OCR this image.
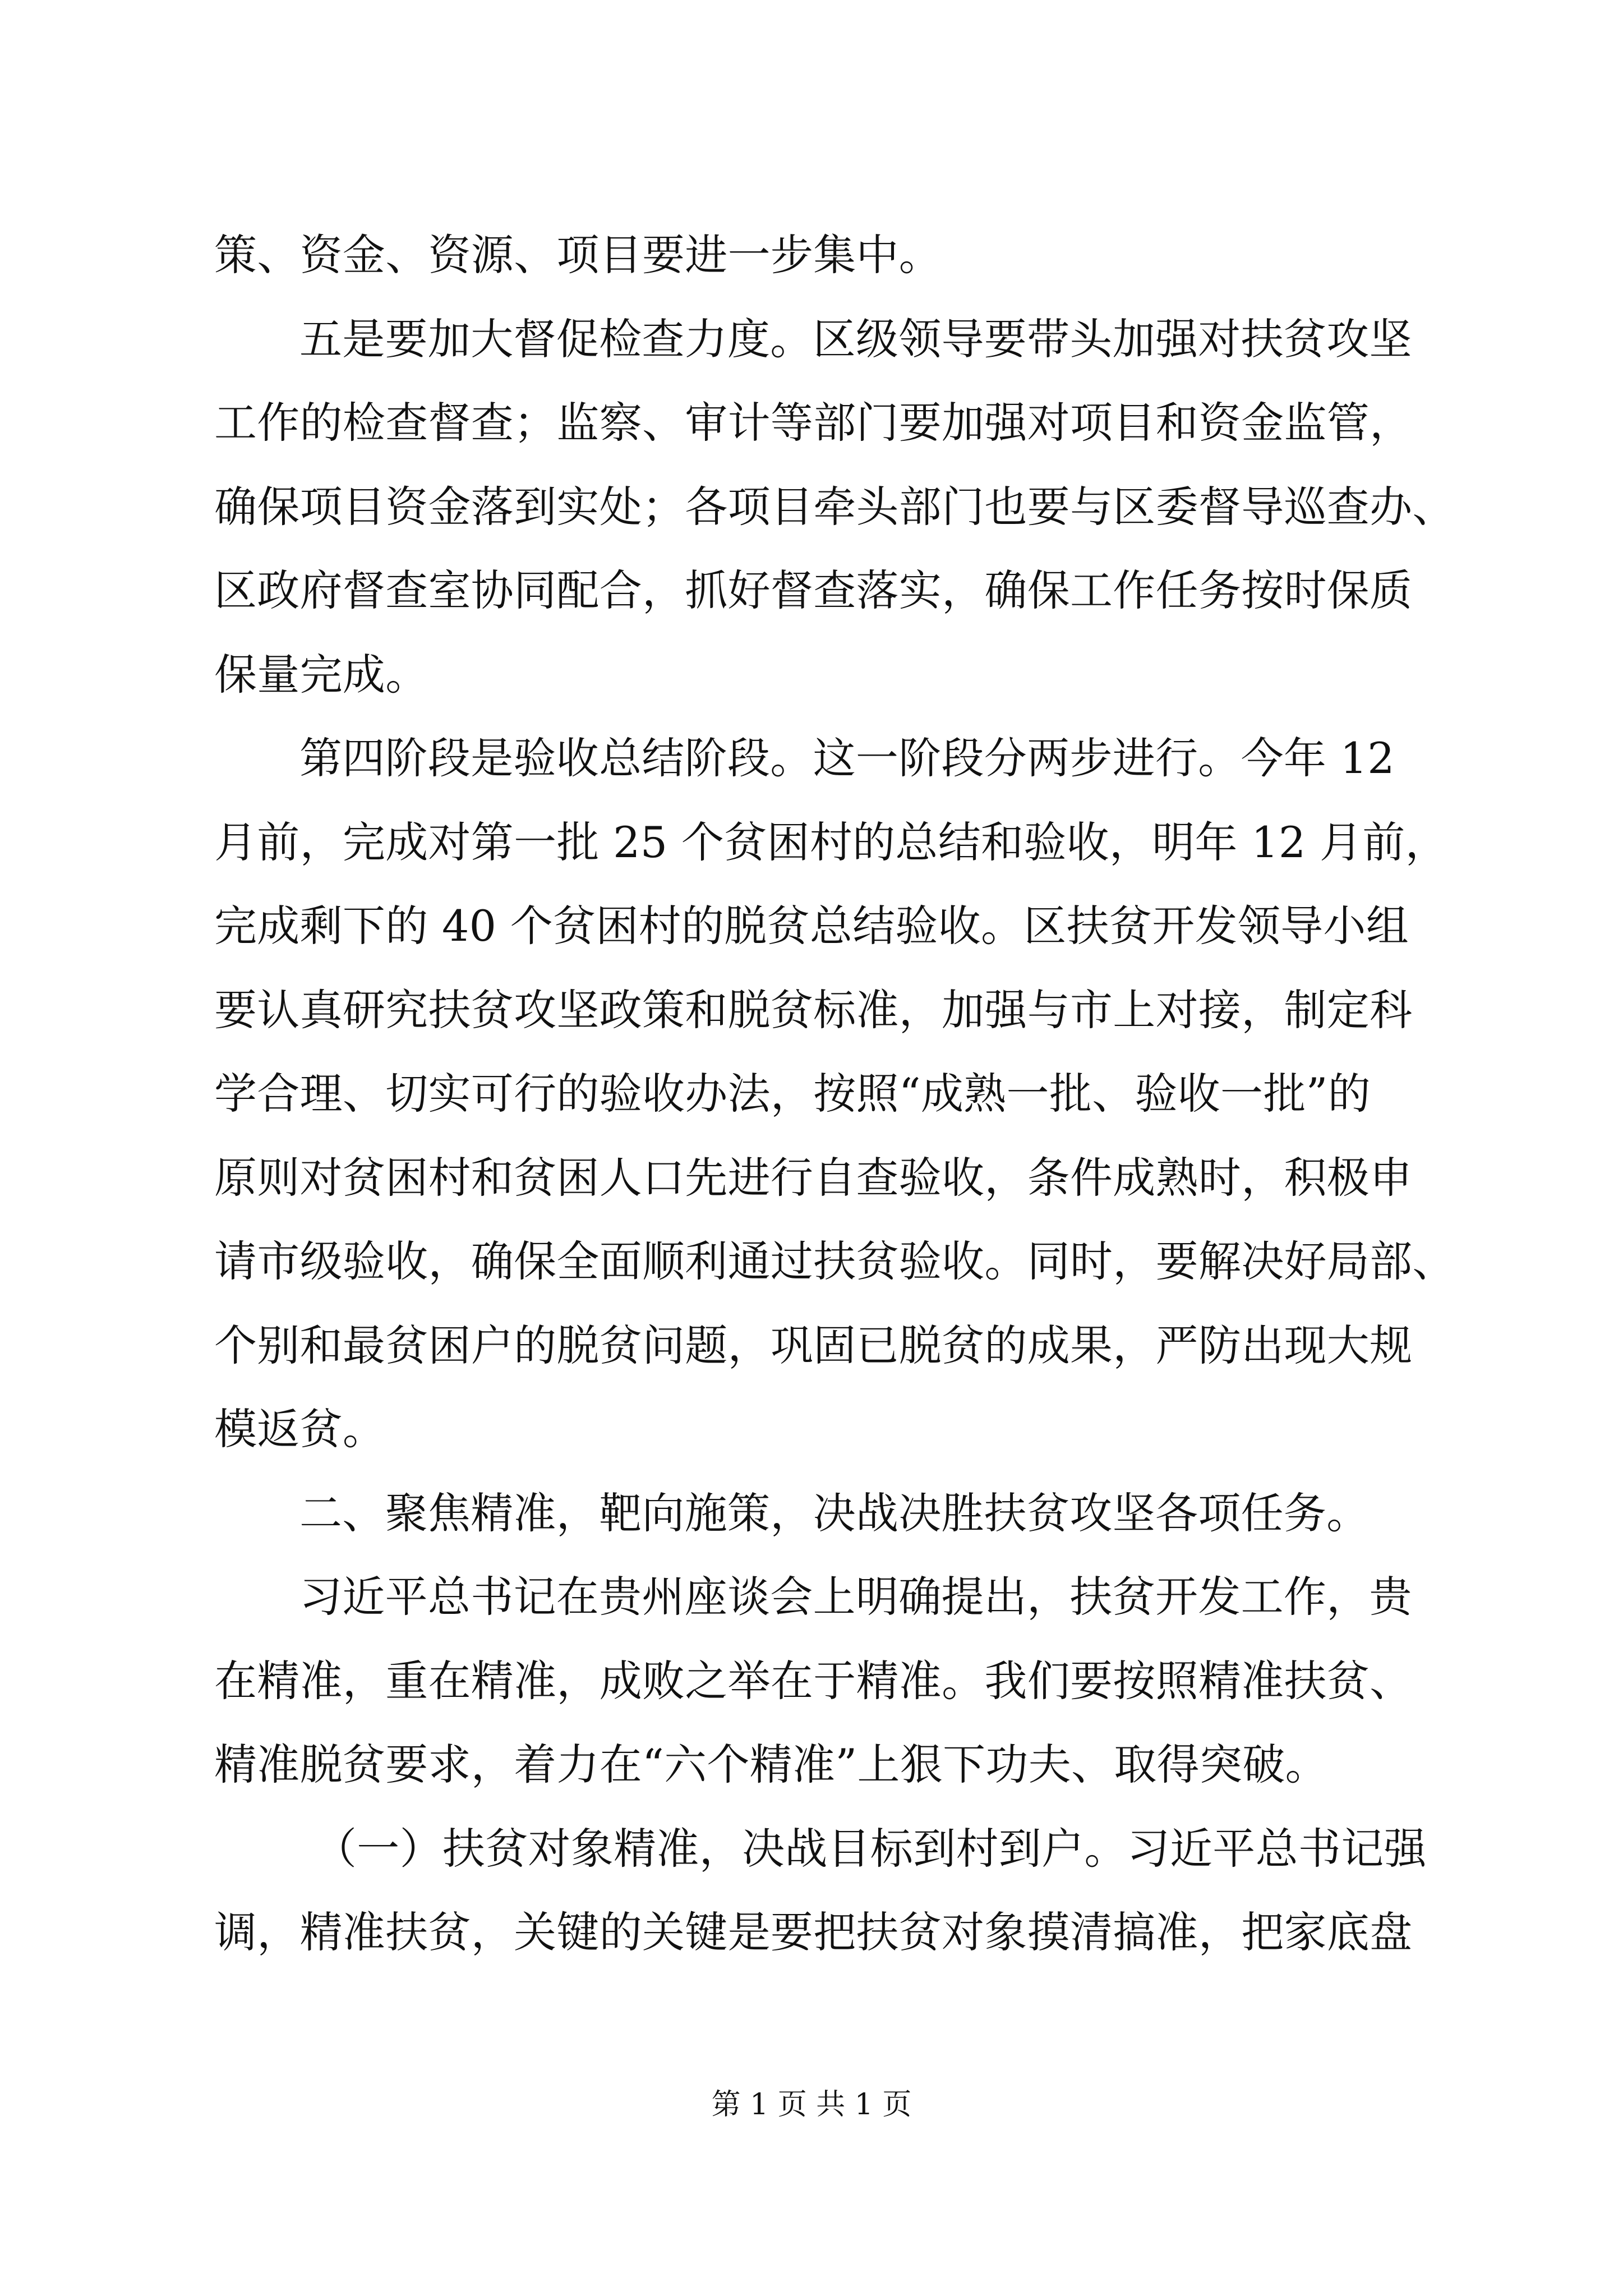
策、资金、资源、项目要进一步集中。
五是要加大督促检查力度。区级领导要带头加强对扶贫攻坚
工作的检查督查；监察、审计等部门要加强对项目和资金监管，
确保项目资金落到实处；各项目牵头部门也要与区委督导巡查办、
区政府督查室协同配合，抓好督查落实，确保工作任务按时保质
保量完成。
第四阶段是验收总结阶段。这一阶段分两步进行。今年 12
月前，完成对第一批 25 个贫困村的总结和验收，明年 12 月前，
完成剩下的 40 个贫困村的脱贫总结验收。区扶贫开发领导小组
要认真研究扶贫攻坚政策和脱贫标准，加强与市上对接，制定科
学合理、切实可行的验收办法，按照“成熟一批、验收一批”的
原则对贫困村和贫困人口先进行自查验收，条件成熟时，积极申
请市级验收，确保全面顺利通过扶贫验收。同时，要解决好局部、
个别和最贫困户的脱贫问题，巩固已脱贫的成果，严防出现大规
模返贫。
二、聚焦精准，靶向施策，决战决胜扶贫攻坚各项任务。
习近平总书记在贵州座谈会上明确提出，扶贫开发工作，贵
在精准，重在精准，成败之举在于精准。我们要按照精准扶贫、
精准脱贫要求，着力在“六个精准”上狠下功夫、取得突破。
（一）扶贫对象精准，决战目标到村到户。习近平总书记强
调，精准扶贫，关键的关键是要把扶贫对象摸清搞准，把家底盘
第 1 页 共 1 页
